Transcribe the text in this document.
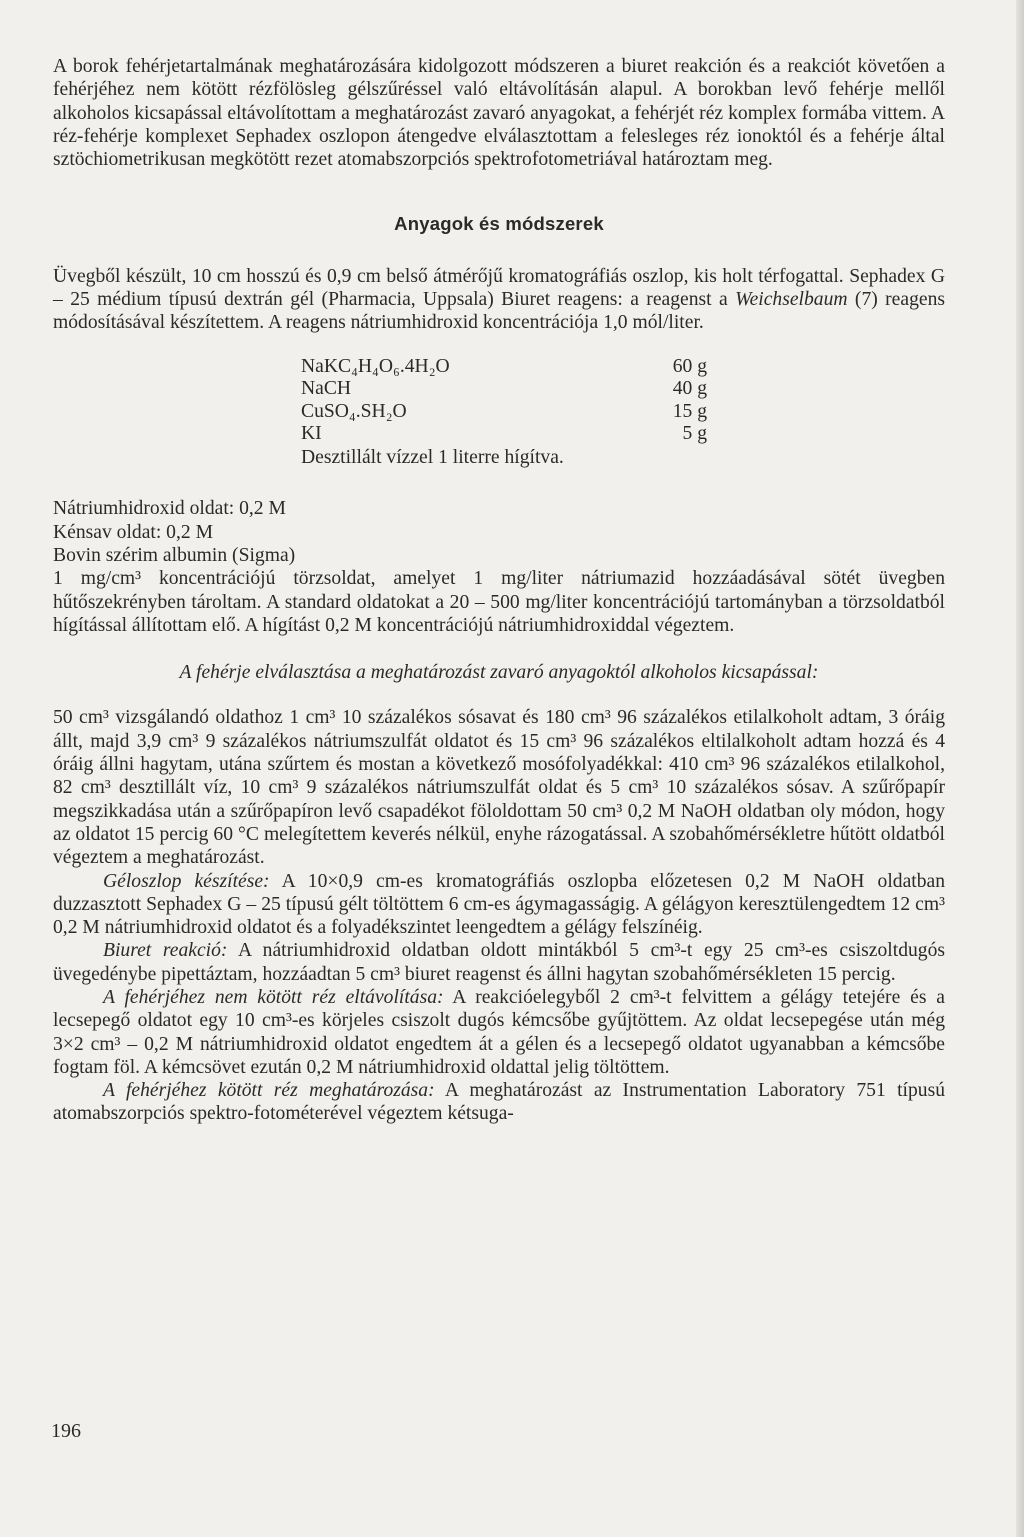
A borok fehérjetartalmának meghatározására kidolgozott módszeren a biuret reakción és a reakciót követően a fehérjéhez nem kötött rézfölösleg gélszűréssel való eltávolításán alapul. A borokban levő fehérje mellől alkoholos kicsapással eltávolítottam a meghatározást zavaró anyagokat, a fehérjét réz komplex formába vittem. A réz-fehérje komplexet Sephadex oszlopon átengedve elválasztottam a felesleges réz ionoktól és a fehérje által sztöchiometrikusan megkötött rezet atomabszorpciós spektrofotometriával határoztam meg.

Anyagok és módszerek

Üvegből készült, 10 cm hosszú és 0,9 cm belső átmérőjű kromatográfiás oszlop, kis holt térfogattal. Sephadex G – 25 médium típusú dextrán gél (Pharmacia, Uppsala) Biuret reagens: a reagenst a Weichselbaum (7) reagens módosításával készítettem. A reagens nátriumhidroxid koncentrációja 1,0 mól/liter.

NaKC₄H₄O₆.4H₂O	60 g
NaCH	40 g
CuSO₄.SH₂O	15 g
KI	5 g

Desztillált vízzel 1 literre hígítva.

Nátriumhidroxid oldat: 0,2 M

Kénsav oldat: 0,2 M

Bovin szérim albumin (Sigma)

1 mg/cm³ koncentrációjú törzsoldat, amelyet 1 mg/liter nátriumazid hozzáadásával sötét üvegben hűtőszekrényben tároltam. A standard oldatokat a 20 – 500 mg/liter koncentrációjú tartományban a törzsoldatból hígítással állítottam elő. A hígítást 0,2 M koncentrációjú nátriumhidroxiddal végeztem.

A fehérje elválasztása a meghatározást zavaró anyagoktól alkoholos kicsapással:

50 cm³ vizsgálandó oldathoz 1 cm³ 10 százalékos sósavat és 180 cm³ 96 százalékos etilalkoholt adtam, 3 óráig állt, majd 3,9 cm³ 9 százalékos nátriumszulfát oldatot és 15 cm³ 96 százalékos eltilalkoholt adtam hozzá és 4 óráig állni hagytam, utána szűrtem és mostan a következő mosófolyadékkal: 410 cm³ 96 százalékos etilalkohol, 82 cm³ desztillált víz, 10 cm³ 9 százalékos nátriumszulfát oldat és 5 cm³ 10 százalékos sósav. A szűrőpapír megszikkadása után a szűrőpapíron levő csapadékot föloldottam 50 cm³ 0,2 M NaOH oldatban oly módon, hogy az oldatot 15 percig 60 °C melegítettem keverés nélkül, enyhe rázogatással. A szobahőmérsékletre hűtött oldatból végeztem a meghatározást.

Géloszlop készítése: A 10×0,9 cm-es kromatográfiás oszlopba előzetesen 0,2 M NaOH oldatban duzzasztott Sephadex G – 25 típusú gélt töltöttem 6 cm-es ágymagasságig. A gélágyon keresztülengedtem 12 cm³ 0,2 M nátriumhidroxid oldatot és a folyadékszintet leengedtem a gélágy felszínéig.

Biuret reakció: A nátriumhidroxid oldatban oldott mintákból 5 cm³-t egy 25 cm³-es csiszoltdugós üvegedénybe pipettáztam, hozzáadtan 5 cm³ biuret reagenst és állni hagytan szobahőmérsékleten 15 percig.

A fehérjéhez nem kötött réz eltávolítása: A reakcióelegyből 2 cm³-t felvittem a gélágy tetejére és a lecsepegő oldatot egy 10 cm³-es körjeles csiszolt dugós kémcsőbe gyűjtöttem. Az oldat lecsepegése után még 3×2 cm³ – 0,2 M nátriumhidroxid oldatot engedtem át a gélen és a lecsepegő oldatot ugyanabban a kémcsőbe fogtam föl. A kémcsövet ezután 0,2 M nátriumhidroxid oldattal jelig töltöttem.

A fehérjéhez kötött réz meghatározása: A meghatározást az Instrumentation Laboratory 751 típusú atomabszorpciós spektro-fotométerével végeztem kétsuga-

196
